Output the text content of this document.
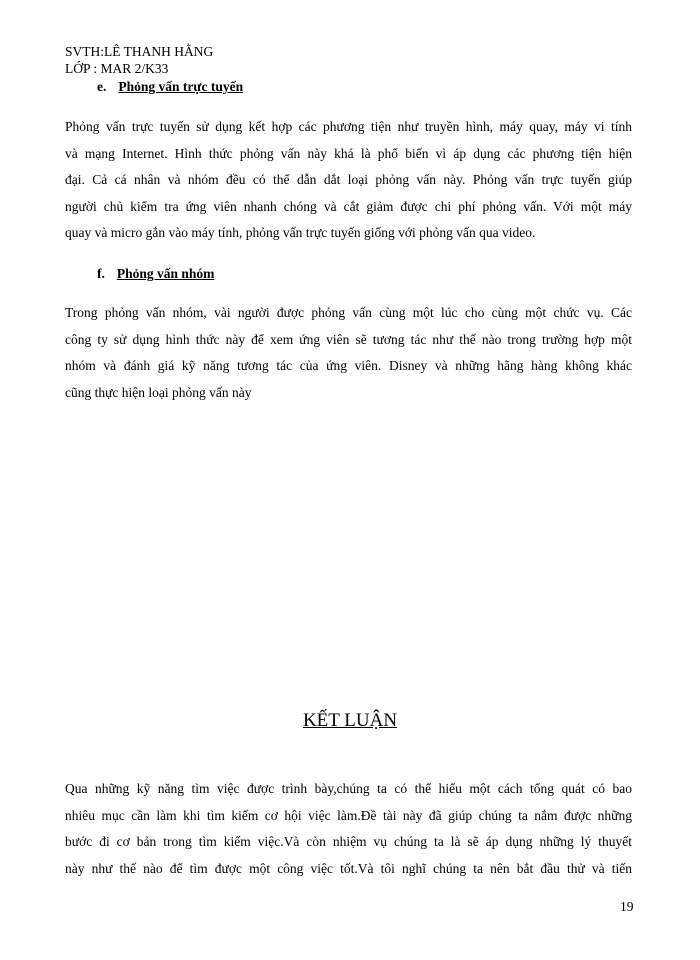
SVTH:LÊ THANH HẰNG
LỚP : MAR 2/K33
e. Phỏng vấn trực tuyến
Phỏng vấn trực tuyến sử dụng kết hợp các phương tiện như truyền hình, máy quay, máy vi tính
và mạng Internet. Hình thức phỏng vấn này khá là phổ biến vì áp dụng các phương tiện hiện
đại. Cả cá nhân và nhóm đều có thể dẫn dắt loại phỏng vấn này. Phỏng vấn trực tuyến giúp
người chủ kiểm tra ứng viên nhanh chóng và cắt giảm được chi phí phỏng vấn. Với một máy
quay và micro gắn vào máy tính, phỏng vấn trực tuyến giống với phỏng vấn qua video.
f. Phỏng vấn nhóm
Trong phỏng vấn nhóm, vài người được phỏng vấn cùng một lúc cho cùng một chức vụ. Các
công ty sử dụng hình thức này để xem ứng viên sẽ tương tác như thế nào trong trường hợp một
nhóm và đánh giá kỹ năng tương tác của ứng viên. Disney và những hãng hàng không khác
cũng thực hiện loại phỏng vấn này
KẾT LUẬN
Qua những kỹ năng tìm việc được trình bày,chúng ta có thể hiểu một cách tổng quát có bao
nhiêu mục cần làm khi tìm kiếm cơ hội việc làm.Đề tài này đã giúp chúng ta nắm được những
bước đi cơ bản trong tìm kiếm việc.Và còn nhiệm vụ chúng ta là sẽ áp dụng những lý thuyết
này như thế nào để tìm được một công việc tốt.Và tôi nghĩ chúng ta nên bắt đầu thử và tiến
19
